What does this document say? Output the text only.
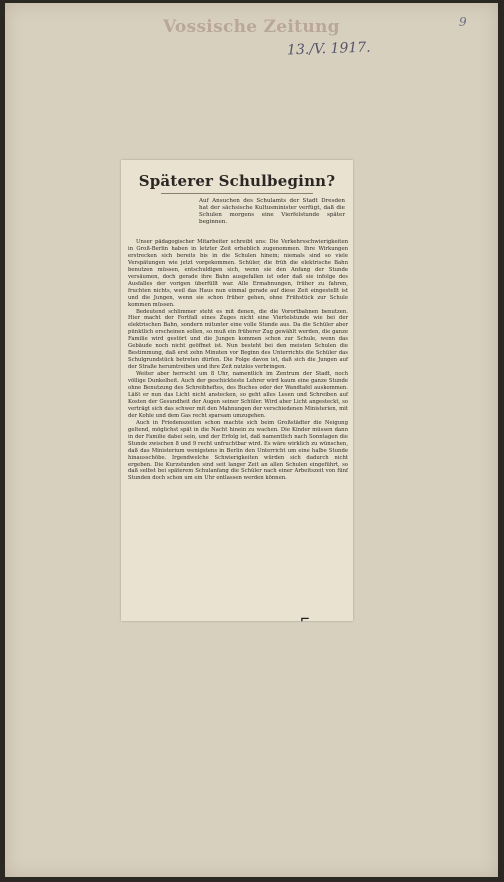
Vossische Zeitung	9
13./V. 1917.
Späterer Schulbeginn?
Auf Ansuchen des Schulamts der Stadt Dresden hat der sächsische Kultusminister verfügt, daß die Schulen morgens eine Vierfelstunde später beginnen.

Unser pädagogischer Mitarbeiter schreibt uns: Die Verkehrsschwierigkeiten in Groß-Berlin haben in letzter Zeit erheblich zugenommen. Ihre Wirkungen erstrecken sich bereits bis in die Schulen hinein; niemals sind so viele Verspätungen wie jetzt vorgekommen. Schüler, die früh die elektrische Bahn benutzen müssen, entschuldigen sich, wenn sie den Anfang der Stunde versäumen, doch gerade ihre Bahn ausgefallen ist oder daß sie infolge des Ausfalles der vorigen überfüllt war. Alle Ermahnungen, früher zu fahren, fruchten nichts, weil das Haus nun einmal gerade auf diese Zeit eingestellt ist und die Jungen, wenn sie schon früher gehen, ohne Frühstück zur Schule kommen müssen.

Bedeutend schlimmer steht es mit denen, die die Vorortbahnen benutzen. Hier macht der Fortfall eines Zuges nicht eine Viertelstunde wie bei der elektrischen Bahn, sondern mitunter eine volle Stunde aus. Da die Schüler aber pünktlich erscheinen sollen, so muß ein früherer Zug gewählt werden, die ganze Familie wird gestört und die Jungen kommen schon zur Schule, wenn das Gebäude noch nicht geöffnet ist. Nun besteht bei den meisten Schulen die Bestimmung, daß erst zehn Minuten vor Beginn des Unterrichts die Schüler das Schulgrundstück betreten dürfen. Die Folge davon ist, daß sich die Jungen auf der Straße herumtreiben und ihre Zeit nutzlos verbringen.

Weiter aber herrscht um 8 Uhr, namentlich im Zentrum der Stadt, noch völlige Dunkelheit. Auch der geschickteste Lehrer wird kaum eine ganze Stunde ohne Benutzung des Schreibheftes, des Buches oder der Wandtafel auskommen. Läßt er nun das Licht nicht anstecken, so geht alles Lesen und Schreiben auf Kosten der Gesundheit der Augen seiner Schüler. Wird aber Licht angesteckt, so verträgt sich das schwer mit den Mahnungen der verschiedenen Ministerien, mit der Kohle und dem Gas recht sparsam umzugehen.

Auch in Friedenszeiten schon machte sich beim Großstädter die Neigung geltend, möglichst spät in die Nacht hinein zu wachen. Die Kinder müssen dann in der Familie dabei sein, und der Erfolg ist, daß namentlich nach Sonntagen die Stunde zwischen 8 und 9 recht unfruchtbar wird. Es wäre wirklich zu wünschen, daß das Ministerium wenigstens in Berlin den Unterricht um eine halbe Stunde hinausschöbe. Irgendwelche Schwierigkeiten würden sich dadurch nicht ergeben. Die Kurzstunden sind seit langer Zeit an allen Schulen eingeführt, so daß selbst bei späterem Schulanfang die Schüler nach einer Arbeitszeit von fünf Stunden doch schon um ein Uhr entlassen werden können.

⌐
